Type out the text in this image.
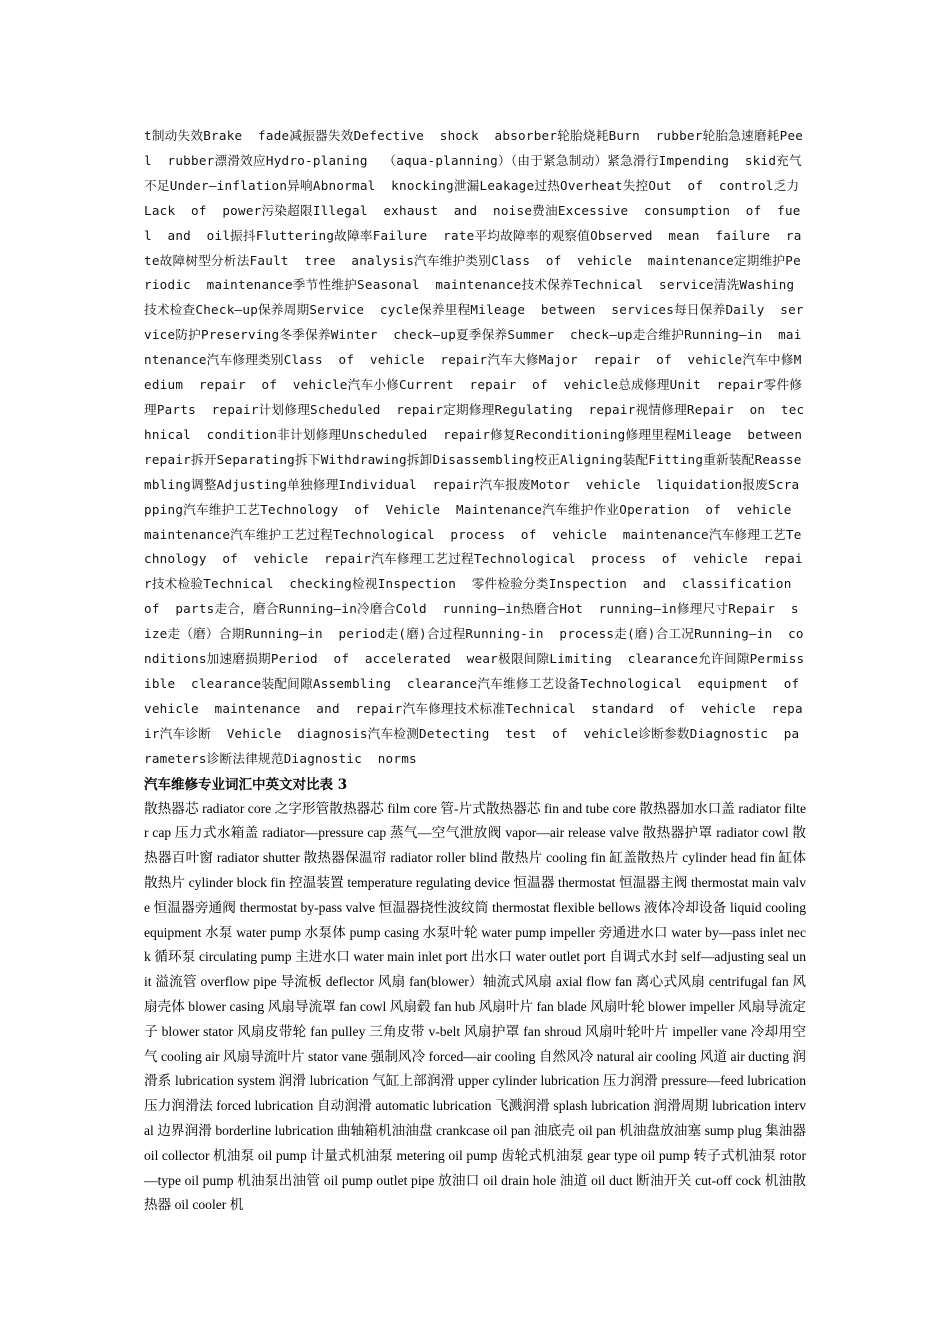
t制动失效Brake  fade减振器失效Defective  shock  absorber轮胎烧耗Burn  rubber轮胎急速磨耗Peel  rubber漂滑效应Hydro-planing  （aqua-planning）（由于紧急制动）紧急滑行Impending  skid充气不足Under—inflation异响Abnormal  knocking泄漏Leakage过热Overheat失控Out  of  control乏力Lack  of  power污染超限Illegal  exhaust  and  noise费油Excessive  consumption  of  fuel  and  oil振抖Fluttering故障率Failure  rate平均故障率的观察值Observed  mean  failure  rate故障树型分析法Fault  tree  analysis汽车维护类别Class  of  vehicle  maintenance定期维护Periodic  maintenance季节性维护Seasonal  maintenance技术保养Technical  service清洗Washing技术检查Check—up保养周期Service  cycle保养里程Mileage  between  services每日保养Daily  service防护Preserving冬季保养Winter  check—up夏季保养Summer  check—up走合维护Running—in  maintenance汽车修理类别Class  of  vehicle  repair汽车大修Major  repair  of  vehicle汽车中修Medium  repair  of  vehicle汽车小修Current  repair  of  vehicle总成修理Unit  repair零件修理Parts  repair计划修理Scheduled  repair定期修理Regulating  repair视情修理Repair  on  technical  condition非计划修理Unscheduled  repair修复Reconditioning修理里程Mileage  between  repair拆开Separating拆下Withdrawing拆卸Disassembling校正Aligning装配Fitting重新装配Reassembling调整Adjusting单独修理Individual  repair汽车报废Motor  vehicle  liquidation报废Scrapping汽车维护工艺Technology  of  Vehicle  Maintenance汽车维护作业Operation  of  vehicle  maintenance汽车维护工艺过程Technological  process  of  vehicle  maintenance汽车修理工艺Technology  of  vehicle  repair汽车修理工艺过程Technological  process  of  vehicle  repair技术检验Technical  checking检视Inspection  零件检验分类Inspection  and  classification  of  parts走合，磨合Running—in冷磨合Cold  running—in热磨合Hot  running—in修理尺寸Repair  size走（磨）合期Running—in  period走(磨)合过程Running-in  process走(磨)合工况Running—in  conditions加速磨损期Period  of  accelerated  wear极限间隙Limiting  clearance允许间隙Permissible  clearance装配间隙Assembling  clearance汽车维修工艺设备Technological  equipment  of  vehicle  maintenance  and  repair汽车修理技术标准Technical  standard  of  vehicle  repair汽车诊断  Vehicle  diagnosis汽车检测Detecting  test  of  vehicle诊断参数Diagnostic  parameters诊断法律规范Diagnostic  norms

汽车维修专业词汇中英文对比表 3

散热器芯 radiator core 之字形管散热器芯 film core 管-片式散热器芯 fin and tube core 散热器加水口盖 radiator filter cap 压力式水箱盖 radiator—pressure cap 蒸气—空气泄放阀 vapor—air release valve 散热器护罩 radiator cowl 散热器百叶窗 radiator shutter 散热器保温帘 radiator roller blind 散热片 cooling fin 缸盖散热片 cylinder head fin 缸体散热片 cylinder block fin 控温装置 temperature regulating device 恒温器 thermostat 恒温器主阀 thermostat main valve 恒温器旁通阀 thermostat by-pass valve 恒温器挠性波纹筒 thermostat flexible bellows 液体冷却设备 liquid cooling equipment 水泵 water pump 水泵体 pump casing 水泵叶轮 water pump impeller 旁通进水口 water by—pass inlet neck 循环泵 circulating pump 主进水口 water main inlet port 出水口 water outlet port 自调式水封 self—adjusting seal unit 溢流管 overflow pipe 导流板 deflector 风扇 fan(blower）轴流式风扇 axial flow fan 离心式风扇 centrifugal fan 风扇壳体 blower casing 风扇导流罩 fan cowl 风扇毂 fan hub 风扇叶片 fan blade 风扇叶轮 blower impeller 风扇导流定子 blower stator 风扇皮带轮 fan pulley 三角皮带 v-belt 风扇护罩 fan shroud 风扇叶轮叶片 impeller vane 冷却用空气 cooling air 风扇导流叶片 stator vane 强制风冷 forced—air cooling 自然风冷 natural air cooling 风道 air ducting 润滑系 lubrication system 润滑 lubrication 气缸上部润滑 upper cylinder lubrication 压力润滑 pressure—feed lubrication 压力润滑法 forced lubrication 自动润滑 automatic lubrication 飞溅润滑 splash lubrication 润滑周期 lubrication interval 边界润滑 borderline lubrication 曲轴箱机油油盘 crankcase oil pan 油底壳 oil pan 机油盘放油塞 sump plug 集油器 oil collector 机油泵 oil pump 计量式机油泵 metering oil pump 齿轮式机油泵 gear type oil pump 转子式机油泵 rotor—type oil pump 机油泵出油管 oil pump outlet pipe 放油口 oil drain hole 油道 oil duct 断油开关 cut-off cock 机油散热器 oil cooler 机
